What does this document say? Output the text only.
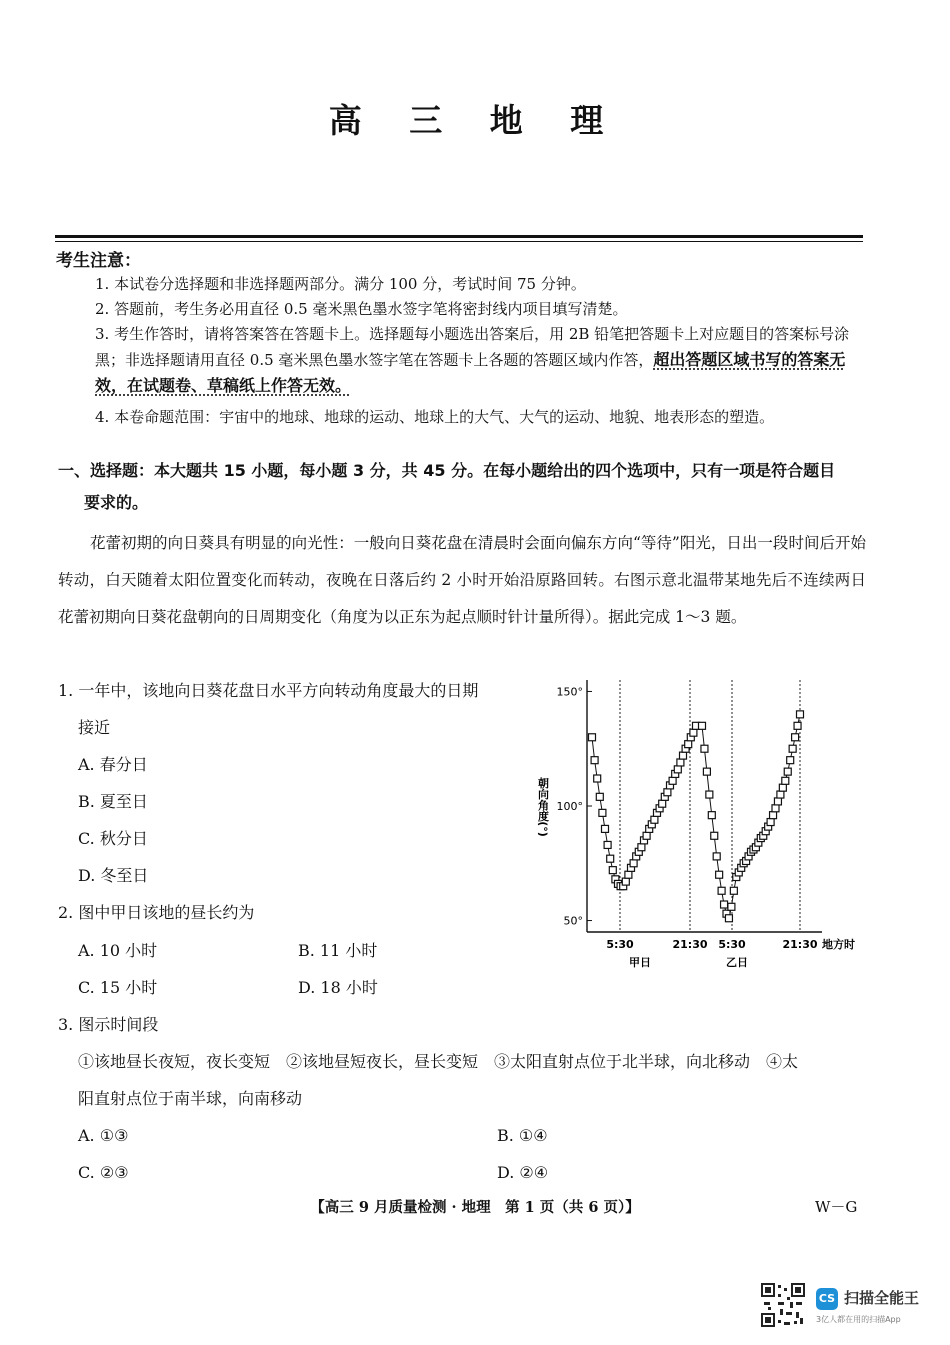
高 三 地 理
考生注意：
1. 本试卷分选择题和非选择题两部分。满分 100 分，考试时间 75 分钟。
2. 答题前，考生务必用直径 0.5 毫米黑色墨水签字笔将密封线内项目填写清楚。
3. 考生作答时，请将答案答在答题卡上。选择题每小题选出答案后，用 2B 铅笔把答题卡上对应题目的答案标号涂黑；非选择题请用直径 0.5 毫米黑色墨水签字笔在答题卡上各题的答题区域内作答，超出答题区域书写的答案无效，在试题卷、草稿纸上作答无效。
4. 本卷命题范围：宇宙中的地球、地球的运动、地球上的大气、大气的运动、地貌、地表形态的塑造。
一、选择题：本大题共 15 小题，每小题 3 分，共 45 分。在每小题给出的四个选项中，只有一项是符合题目
要求的。
花蕾初期的向日葵具有明显的向光性：一般向日葵花盘在清晨时会面向偏东方向“等待”阳光，日出一段时间后开始转动，白天随着太阳位置变化而转动，夜晚在日落后约 2 小时开始沿原路回转。右图示意北温带某地先后不连续两日花蕾初期向日葵花盘朝向的日周期变化（角度为以正东为起点顺时针计量所得）。据此完成 1～3 题。
1. 一年中，该地向日葵花盘日水平方向转动角度最大的日期
接近
A. 春分日
B. 夏至日
C. 秋分日
D. 冬至日
2. 图中甲日该地的昼长约为
A. 10 小时	B. 11 小时
C. 15 小时	D. 18 小时
3. 图示时间段
①该地昼长夜短，夜长变短　②该地昼短夜长，昼长变短　③太阳直射点位于北半球，向北移动　④太
阳直射点位于南半球，向南移动
A. ①③	B. ①④
C. ②③	D. ②④
150°
100°
50°
朝向角度(°)
5:30	21:30 5:30	21:30 地方时
甲日	乙日
【高三 9 月质量检测 · 地理　第 1 页（共 6 页）】	W－G
CS 扫描全能王
3亿人都在用的扫描App
